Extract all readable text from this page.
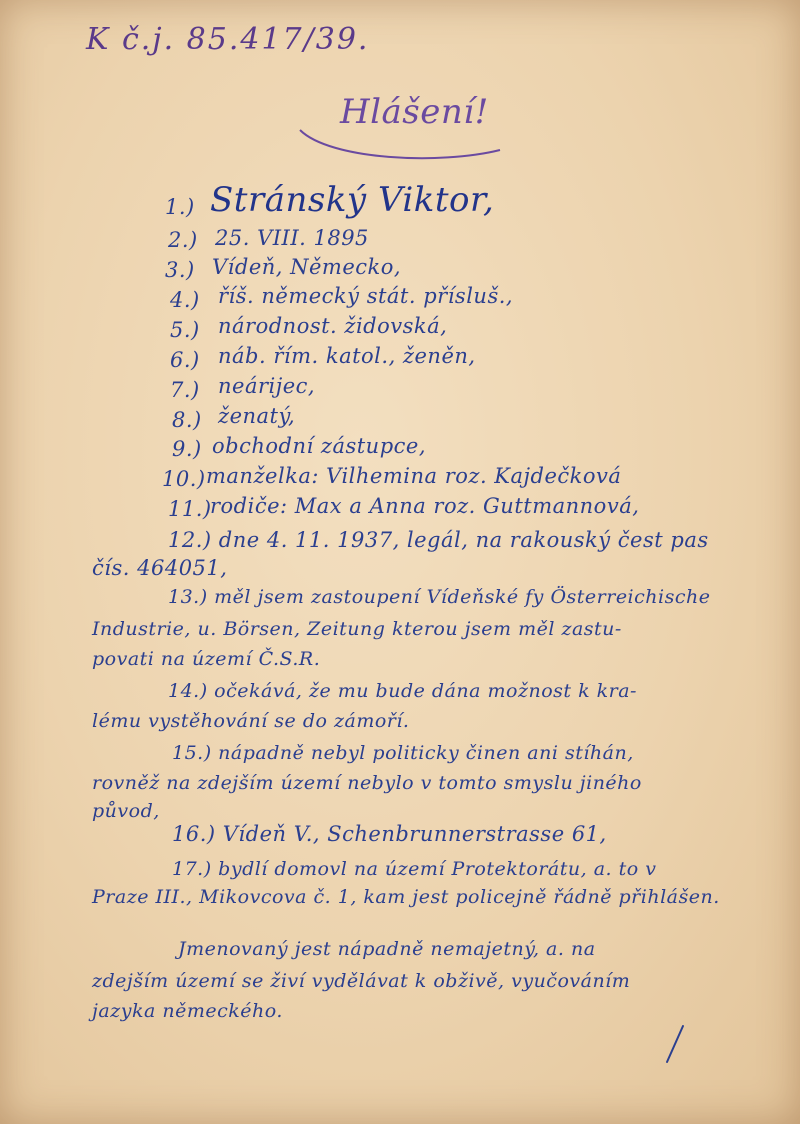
K č.j. 85.417/39.

Hlášení!

1.) Stránský Viktor,

2.) 25. VIII. 1895

3.) Vídeň, Německo,

4.) říš. německý stát. přísluš.,

5.) národnost. židovská,

6.) náb. řím. katol., ženěn,

7.) neárijec,

8.) ženatý,

9.) obchodní zástupce,

10.) manželka: Vilhemina roz. Kajdečková

11.)

rodiče: Max a Anna roz. Guttmannová,

12.) dne 4. 11. 1937, legál, na rakouský čest pas

čís. 464051,

13.) měl jsem zastoupení Vídeňské fy Österreichische

Industrie, u. Börsen, Zeitung kterou jsem měl zastu-

povati na území Č.S.R.

14.) očekává, že mu bude dána možnost k kra-

lému vystěhování se do zámoří.

15.) nápadně nebyl politicky činen ani stíhán,

rovněž na zdejším území nebylo v tomto smyslu jiného

původ,

16.) Vídeň V., Schenbrunnerstrasse 61,

17.) bydlí domovl na území Protektorátu, a. to v

Praze III., Mikovcova č. 1, kam jest policejně řádně přihlášen.

Jmenovaný jest nápadně nemajetný, a. na

zdejším území se živí vydělávat k obživě, vyučováním

jazyka německého.
